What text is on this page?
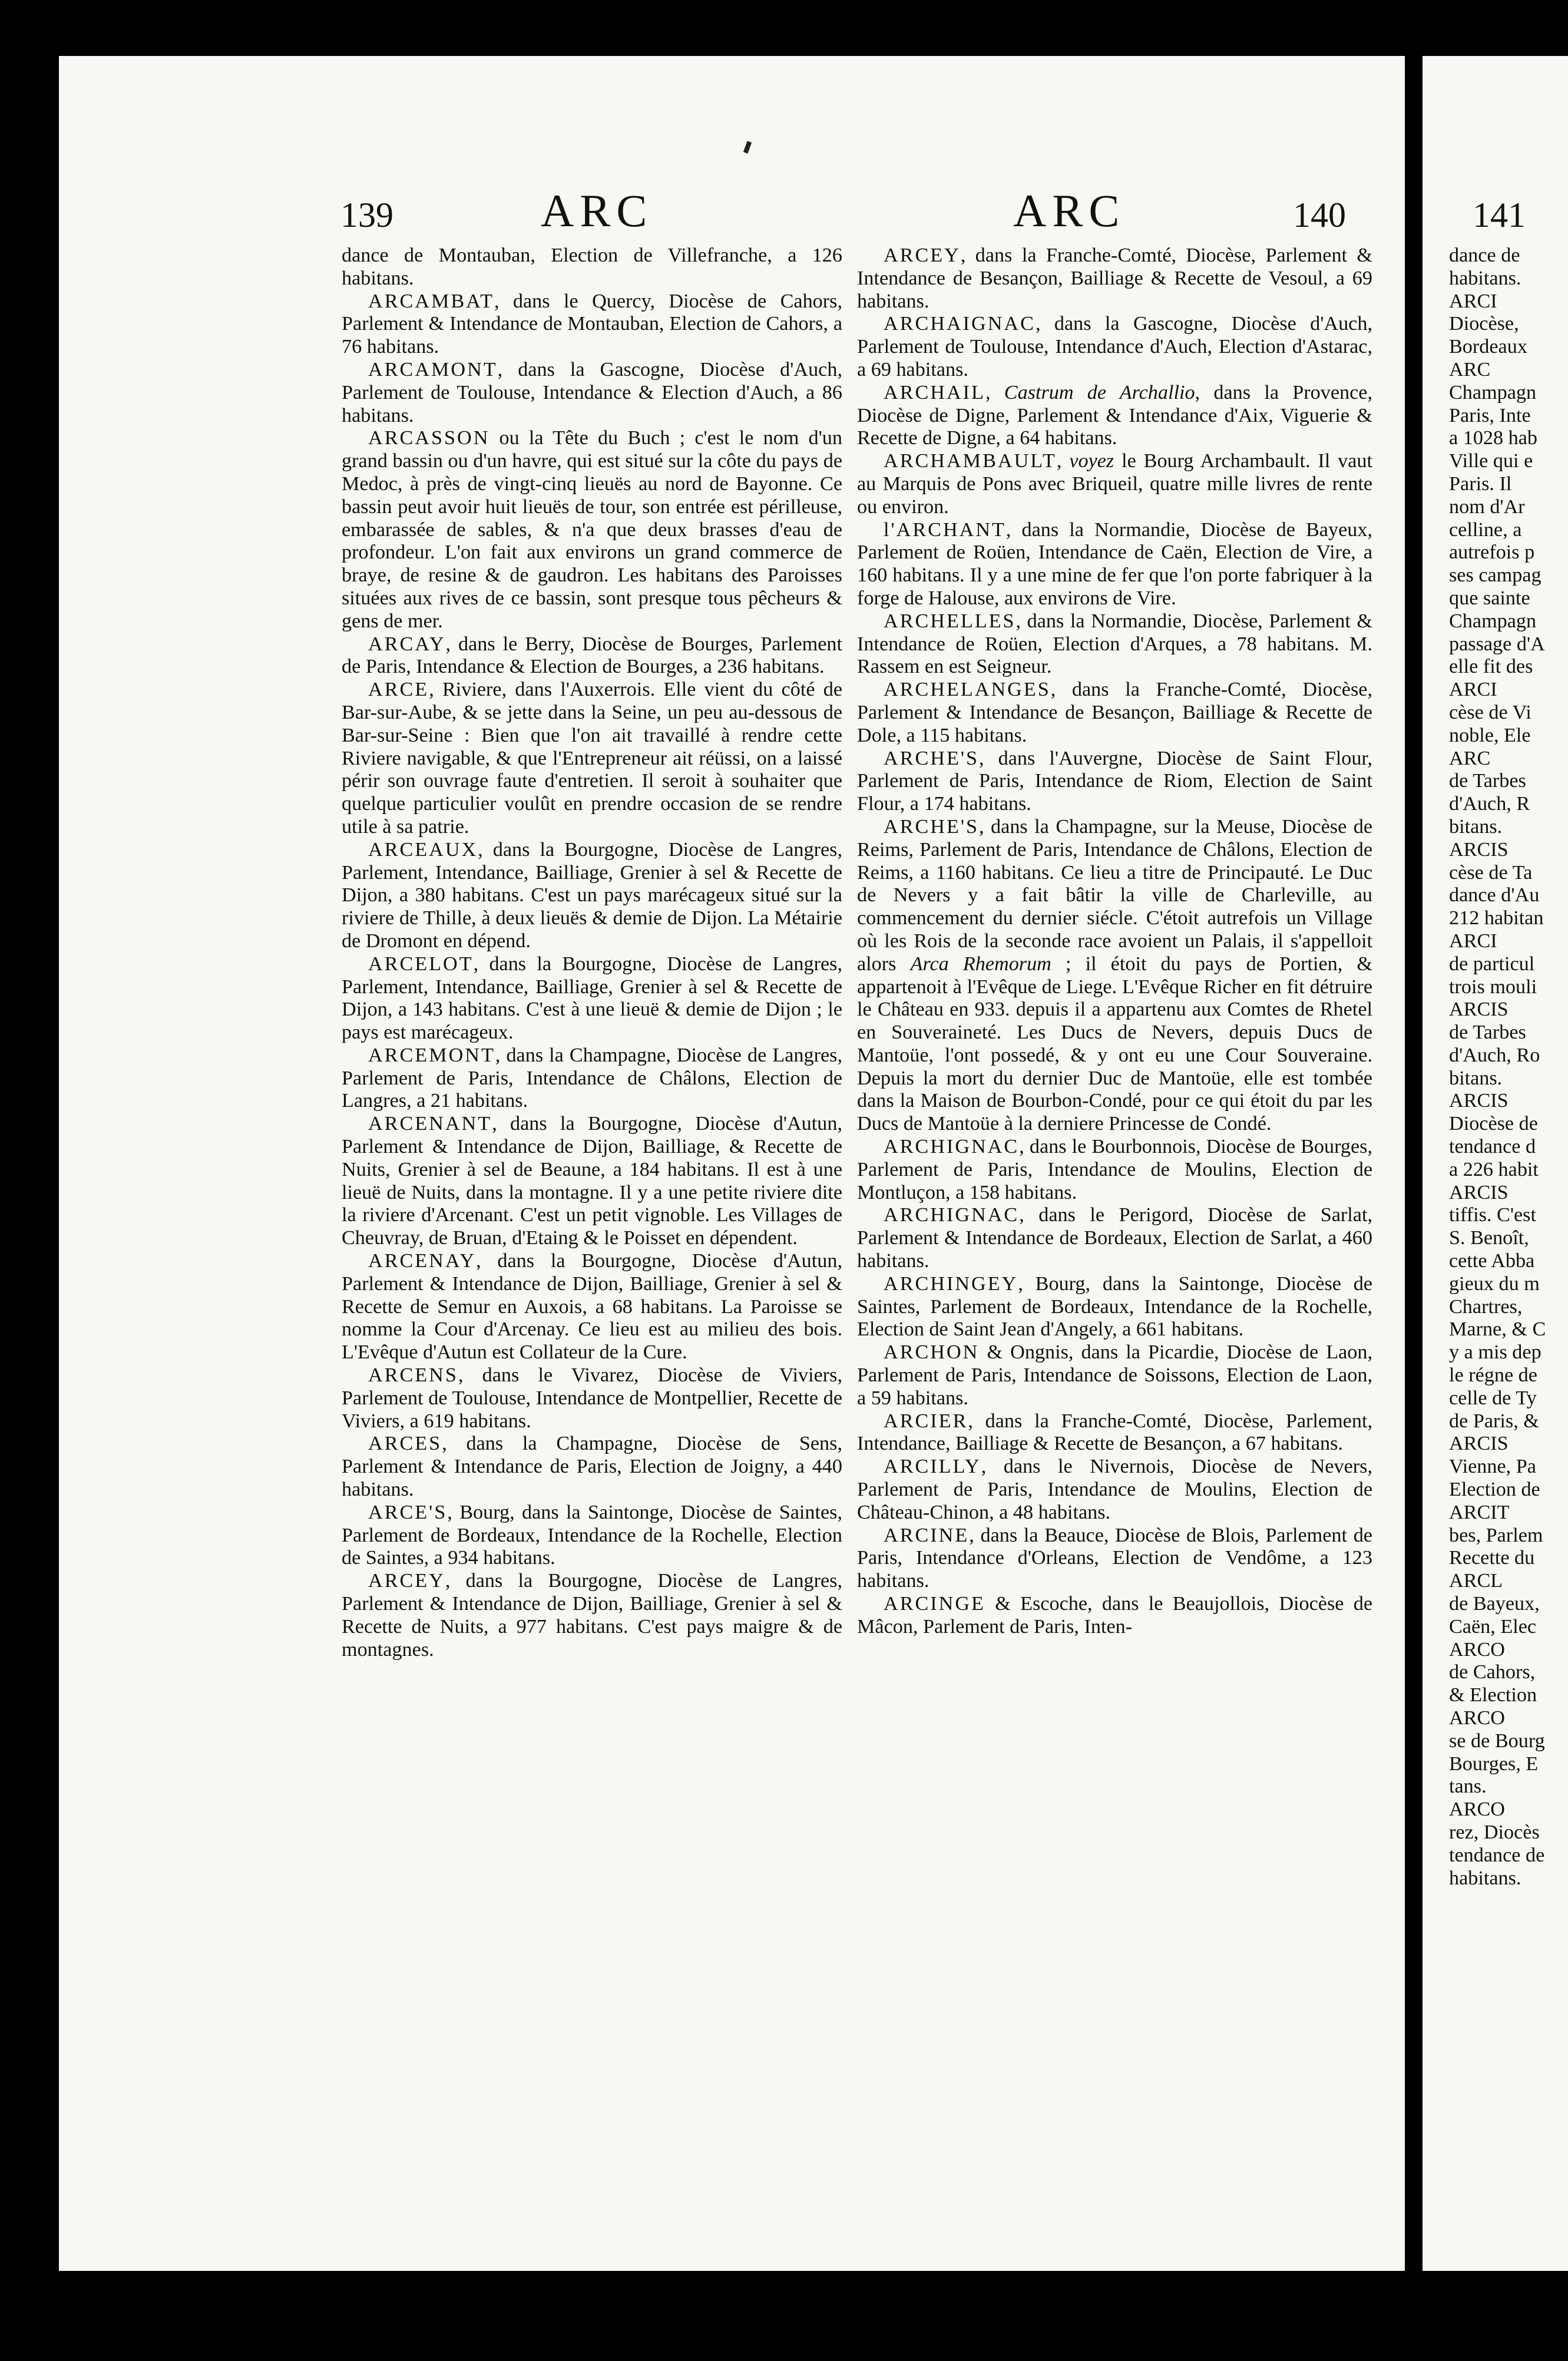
139	ARC	ARC	140	141

dance de Montauban, Election de Villefranche, a 126 habitans.

ARCAMBAT, dans le Quercy, Diocèse de Cahors, Parlement & Intendance de Montauban, Election de Cahors, a 76 habitans.

ARCAMONT, dans la Gascogne, Diocèse d'Auch, Parlement de Toulouse, Intendance & Election d'Auch, a 86 habitans.

ARCASSON ou la Tête du Buch ; c'est le nom d'un grand bassin ou d'un havre, qui est situé sur la côte du pays de Medoc, à près de vingt-cinq lieuës au nord de Bayonne. Ce bassin peut avoir huit lieuës de tour, son entrée est périlleuse, embarassée de sables, & n'a que deux brasses d'eau de profondeur. L'on fait aux environs un grand commerce de braye, de resine & de gaudron. Les habitans des Paroisses situées aux rives de ce bassin, sont presque tous pêcheurs & gens de mer.

ARCAY, dans le Berry, Diocèse de Bourges, Parlement de Paris, Intendance & Election de Bourges, a 236 habitans.

ARCE, Riviere, dans l'Auxerrois. Elle vient du côté de Bar-sur-Aube, & se jette dans la Seine, un peu au-dessous de Bar-sur-Seine : Bien que l'on ait travaillé à rendre cette Riviere navigable, & que l'Entrepreneur ait réüssi, on a laissé périr son ouvrage faute d'entretien. Il seroit à souhaiter que quelque particulier voulût en prendre occasion de se rendre utile à sa patrie.

ARCEAUX, dans la Bourgogne, Diocèse de Langres, Parlement, Intendance, Bailliage, Grenier à sel & Recette de Dijon, a 380 habitans. C'est un pays marécageux situé sur la riviere de Thille, à deux lieuës & demie de Dijon. La Métairie de Dromont en dépend.

ARCELOT, dans la Bourgogne, Diocèse de Langres, Parlement, Intendance, Bailliage, Grenier à sel & Recette de Dijon, a 143 habitans. C'est à une lieuë & demie de Dijon ; le pays est marécageux.

ARCEMONT, dans la Champagne, Diocèse de Langres, Parlement de Paris, Intendance de Châlons, Election de Langres, a 21 habitans.

ARCENANT, dans la Bourgogne, Diocèse d'Autun, Parlement & Intendance de Dijon, Bailliage, & Recette de Nuits, Grenier à sel de Beaune, a 184 habitans. Il est à une lieuë de Nuits, dans la montagne. Il y a une petite riviere dite la riviere d'Arcenant. C'est un petit vignoble. Les Villages de Cheuvray, de Bruan, d'Etaing & le Poisset en dépendent.

ARCENAY, dans la Bourgogne, Diocèse d'Autun, Parlement & Intendance de Dijon, Bailliage, Grenier à sel & Recette de Semur en Auxois, a 68 habitans. La Paroisse se nomme la Cour d'Arcenay. Ce lieu est au milieu des bois. L'Evêque d'Autun est Collateur de la Cure.

ARCENS, dans le Vivarez, Diocèse de Viviers, Parlement de Toulouse, Intendance de Montpellier, Recette de Viviers, a 619 habitans.

ARCES, dans la Champagne, Diocèse de Sens, Parlement & Intendance de Paris, Election de Joigny, a 440 habitans.

ARCE'S, Bourg, dans la Saintonge, Diocèse de Saintes, Parlement de Bordeaux, Intendance de la Rochelle, Election de Saintes, a 934 habitans.

ARCEY, dans la Bourgogne, Diocèse de Langres, Parlement & Intendance de Dijon, Bailliage, Grenier à sel & Recette de Nuits, a 977 habitans. C'est pays maigre & de montagnes.

ARCEY, dans la Franche-Comté, Diocèse, Parlement & Intendance de Besançon, Bailliage & Recette de Vesoul, a 69 habitans.

ARCHAIGNAC, dans la Gascogne, Diocèse d'Auch, Parlement de Toulouse, Intendance d'Auch, Election d'Astarac, a 69 habitans.

ARCHAIL, Castrum de Archallio, dans la Provence, Diocèse de Digne, Parlement & Intendance d'Aix, Viguerie & Recette de Digne, a 64 habitans.

ARCHAMBAULT, voyez le Bourg Archambault. Il vaut au Marquis de Pons avec Briqueil, quatre mille livres de rente ou environ.

l'ARCHANT, dans la Normandie, Diocèse de Bayeux, Parlement de Roüen, Intendance de Caën, Election de Vire, a 160 habitans. Il y a une mine de fer que l'on porte fabriquer à la forge de Halouse, aux environs de Vire.

ARCHELLES, dans la Normandie, Diocèse, Parlement & Intendance de Roüen, Election d'Arques, a 78 habitans. M. Rassem en est Seigneur.

ARCHELANGES, dans la Franche-Comté, Diocèse, Parlement & Intendance de Besançon, Bailliage & Recette de Dole, a 115 habitans.

ARCHE'S, dans l'Auvergne, Diocèse de Saint Flour, Parlement de Paris, Intendance de Riom, Election de Saint Flour, a 174 habitans.

ARCHE'S, dans la Champagne, sur la Meuse, Diocèse de Reims, Parlement de Paris, Intendance de Châlons, Election de Reims, a 1160 habitans. Ce lieu a titre de Principauté. Le Duc de Nevers y a fait bâtir la ville de Charleville, au commencement du dernier siécle. C'étoit autrefois un Village où les Rois de la seconde race avoient un Palais, il s'appelloit alors Arca Rhemorum ; il étoit du pays de Portien, & appartenoit à l'Evêque de Liege. L'Evêque Richer en fit détruire le Château en 933. depuis il a appartenu aux Comtes de Rhetel en Souveraineté. Les Ducs de Nevers, depuis Ducs de Mantoüe, l'ont possedé, & y ont eu une Cour Souveraine. Depuis la mort du dernier Duc de Mantoüe, elle est tombée dans la Maison de Bourbon-Condé, pour ce qui étoit du par les Ducs de Mantoüe à la derniere Princesse de Condé.

ARCHIGNAC, dans le Bourbonnois, Diocèse de Bourges, Parlement de Paris, Intendance de Moulins, Election de Montluçon, a 158 habitans.

ARCHIGNAC, dans le Perigord, Diocèse de Sarlat, Parlement & Intendance de Bordeaux, Election de Sarlat, a 460 habitans.

ARCHINGEY, Bourg, dans la Saintonge, Diocèse de Saintes, Parlement de Bordeaux, Intendance de la Rochelle, Election de Saint Jean d'Angely, a 661 habitans.

ARCHON & Ongnis, dans la Picardie, Diocèse de Laon, Parlement de Paris, Intendance de Soissons, Election de Laon, a 59 habitans.

ARCIER, dans la Franche-Comté, Diocèse, Parlement, Intendance, Bailliage & Recette de Besançon, a 67 habitans.

ARCILLY, dans le Nivernois, Diocèse de Nevers, Parlement de Paris, Intendance de Moulins, Election de Château-Chinon, a 48 habitans.

ARCINE, dans la Beauce, Diocèse de Blois, Parlement de Paris, Intendance d'Orleans, Election de Vendôme, a 123 habitans.

ARCINGE & Escoche, dans le Beaujollois, Diocèse de Mâcon, Parlement de Paris, Inten-

dance de
habitans.
ARCI
Diocèse,
Bordeaux
ARC
Champagn
Paris, Inte
a 1028 hab
Ville qui e
Paris. Il
nom d'Ar
celline, a
autrefois p
ses campag
que sainte
Champagn
passage d'A
elle fit des
ARCI
cèse de Vi
noble, Ele
ARC
de Tarbes
d'Auch, R
bitans.
ARCIS
cèse de Ta
dance d'Au
212 habitan
ARCI
de particul
trois mouli
ARCIS
de Tarbes
d'Auch, Ro
bitans.
ARCIS
Diocèse de
tendance d
a 226 habit
ARCIS
tiffis. C'est
S. Benoît,
cette Abba
gieux du m
Chartres,
Marne, & C
y a mis dep
le régne de
celle de Ty
de Paris, &
ARCIS
Vienne, Pa
Election de
ARCIT
bes, Parlem
Recette du
ARCL
de Bayeux,
Caën, Elec
ARCO
de Cahors,
& Election
ARCO
se de Bourg
Bourges, E
tans.
ARCO
rez, Diocès
tendance de
habitans.
